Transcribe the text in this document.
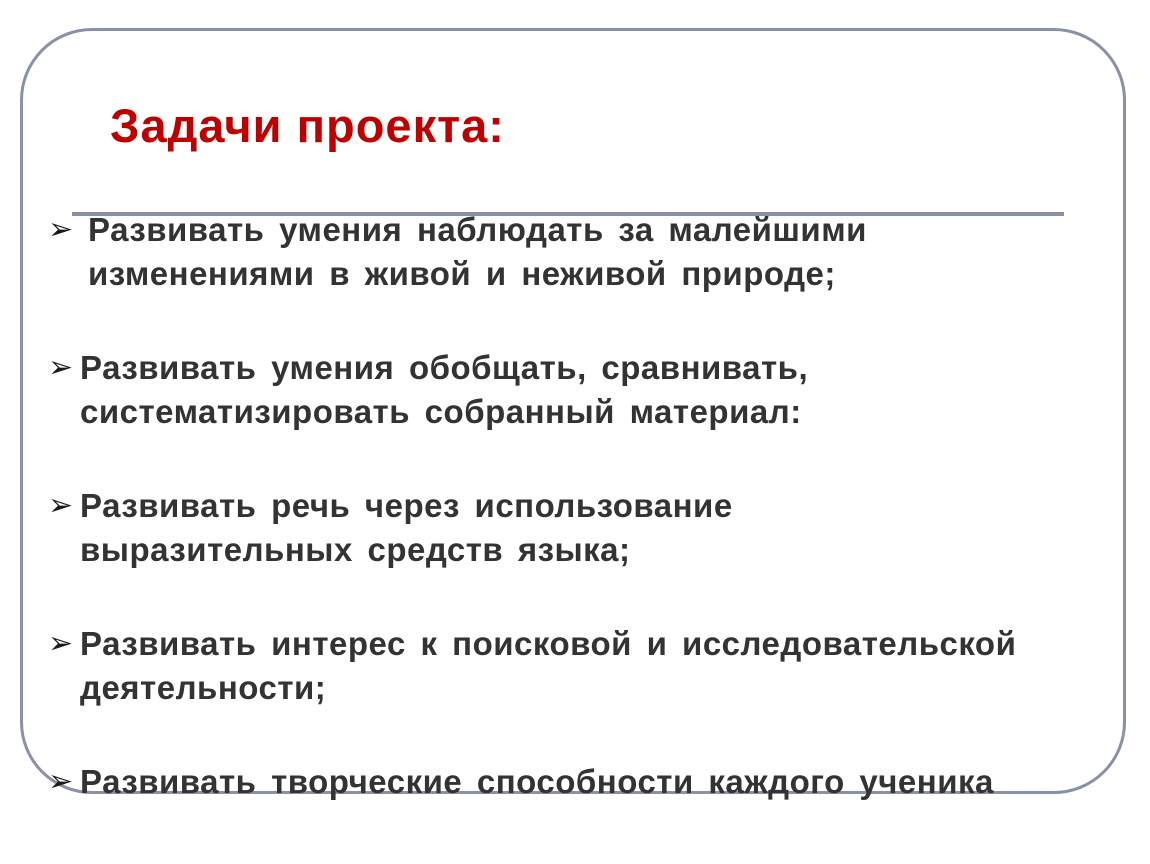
Задачи проекта:
➢ Развивать умения наблюдать за малейшими
изменениями в живой и неживой природе;
➢ Развивать умения обобщать, сравнивать,
систематизировать собранный материал:
➢ Развивать речь через использование
выразительных средств языка;
➢ Развивать интерес к поисковой и исследовательской
деятельности;
➢ Развивать творческие способности каждого ученика
